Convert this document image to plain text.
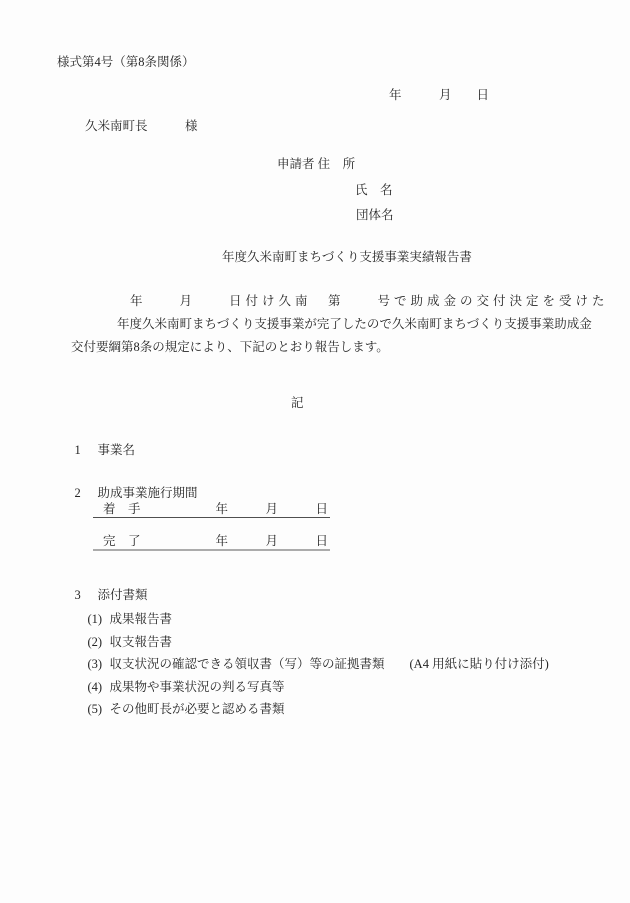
様式第4号（第8条関係）
年　　　月　　日
久米南町長　　　様
申請者 住　所
氏　名
団体名
年度久米南町まちづくり支援事業実績報告書
年　　月　　日付け久南　第　　号で助成金の交付決定を受けた
年度久米南町まちづくり支援事業が完了したので久米南町まちづくり支援事業助成金
交付要綱第8条の規定により、下記のとおり報告します。
記

1 事業名

2 助成事業施行期間

着　手　　　　　　年　　　月　　　日
完　了　　　　　　年　　　月　　　日

3 添付書類

(1) 成果報告書

(2) 収支報告書

(3) 収支状況の確認できる領収書（写）等の証拠書類　　(A4 用紙に貼り付け添付)

(4) 成果物や事業状況の判る写真等

(5) その他町長が必要と認める書類
